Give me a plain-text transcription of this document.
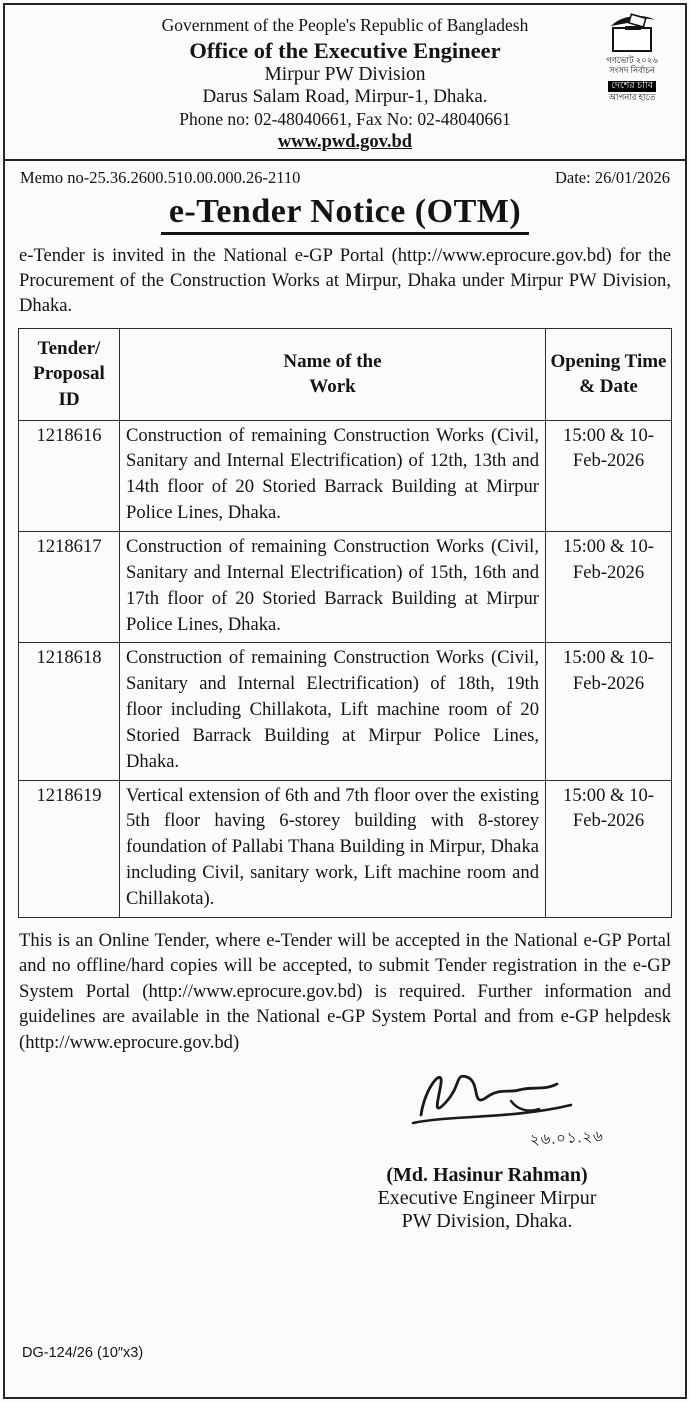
Government of the People's Republic of Bangladesh
Office of the Executive Engineer
Mirpur PW Division
Darus Salam Road, Mirpur-1, Dhaka.
Phone no: 02-48040661, Fax No: 02-48040661
www.pwd.gov.bd
গণভোট ২০২৬
সংসদ নির্বাচন
দেশের চাবি
আপনার হাতে
Memo no-25.36.2600.510.00.000.26-2110	Date: 26/01/2026
e-Tender Notice (OTM)

e-Tender is invited in the National e-GP Portal (http://www.eprocure.gov.bd) for the Procurement of the Construction Works at Mirpur, Dhaka under Mirpur PW Division, Dhaka.

Tender/ Proposal ID	Name of the Work	Opening Time & Date
1218616	Construction of remaining Construction Works (Civil, Sanitary and Internal Electrification) of 12th, 13th and 14th floor of 20 Storied Barrack Building at Mirpur Police Lines, Dhaka.	15:00 & 10-Feb-2026
1218617	Construction of remaining Construction Works (Civil, Sanitary and Internal Electrification) of 15th, 16th and 17th floor of 20 Storied Barrack Building at Mirpur Police Lines, Dhaka.	15:00 & 10-Feb-2026
1218618	Construction of remaining Construction Works (Civil, Sanitary and Internal Electrification) of 18th, 19th floor including Chillakota, Lift machine room of 20 Storied Barrack Building at Mirpur Police Lines, Dhaka.	15:00 & 10-Feb-2026
1218619	Vertical extension of 6th and 7th floor over the existing 5th floor having 6-storey building with 8-storey foundation of Pallabi Thana Building in Mirpur, Dhaka including Civil, sanitary work, Lift machine room and Chillakota).	15:00 & 10-Feb-2026

This is an Online Tender, where e-Tender will be accepted in the National e-GP Portal and no offline/hard copies will be accepted, to submit Tender registration in the e-GP System Portal (http://www.eprocure.gov.bd) is required. Further information and guidelines are available in the National e-GP System Portal and from e-GP helpdesk (http://www.eprocure.gov.bd)

২৬.০১.২৬
(Md. Hasinur Rahman)
Executive Engineer Mirpur
PW Division, Dhaka.
DG-124/26 (10″x3)
